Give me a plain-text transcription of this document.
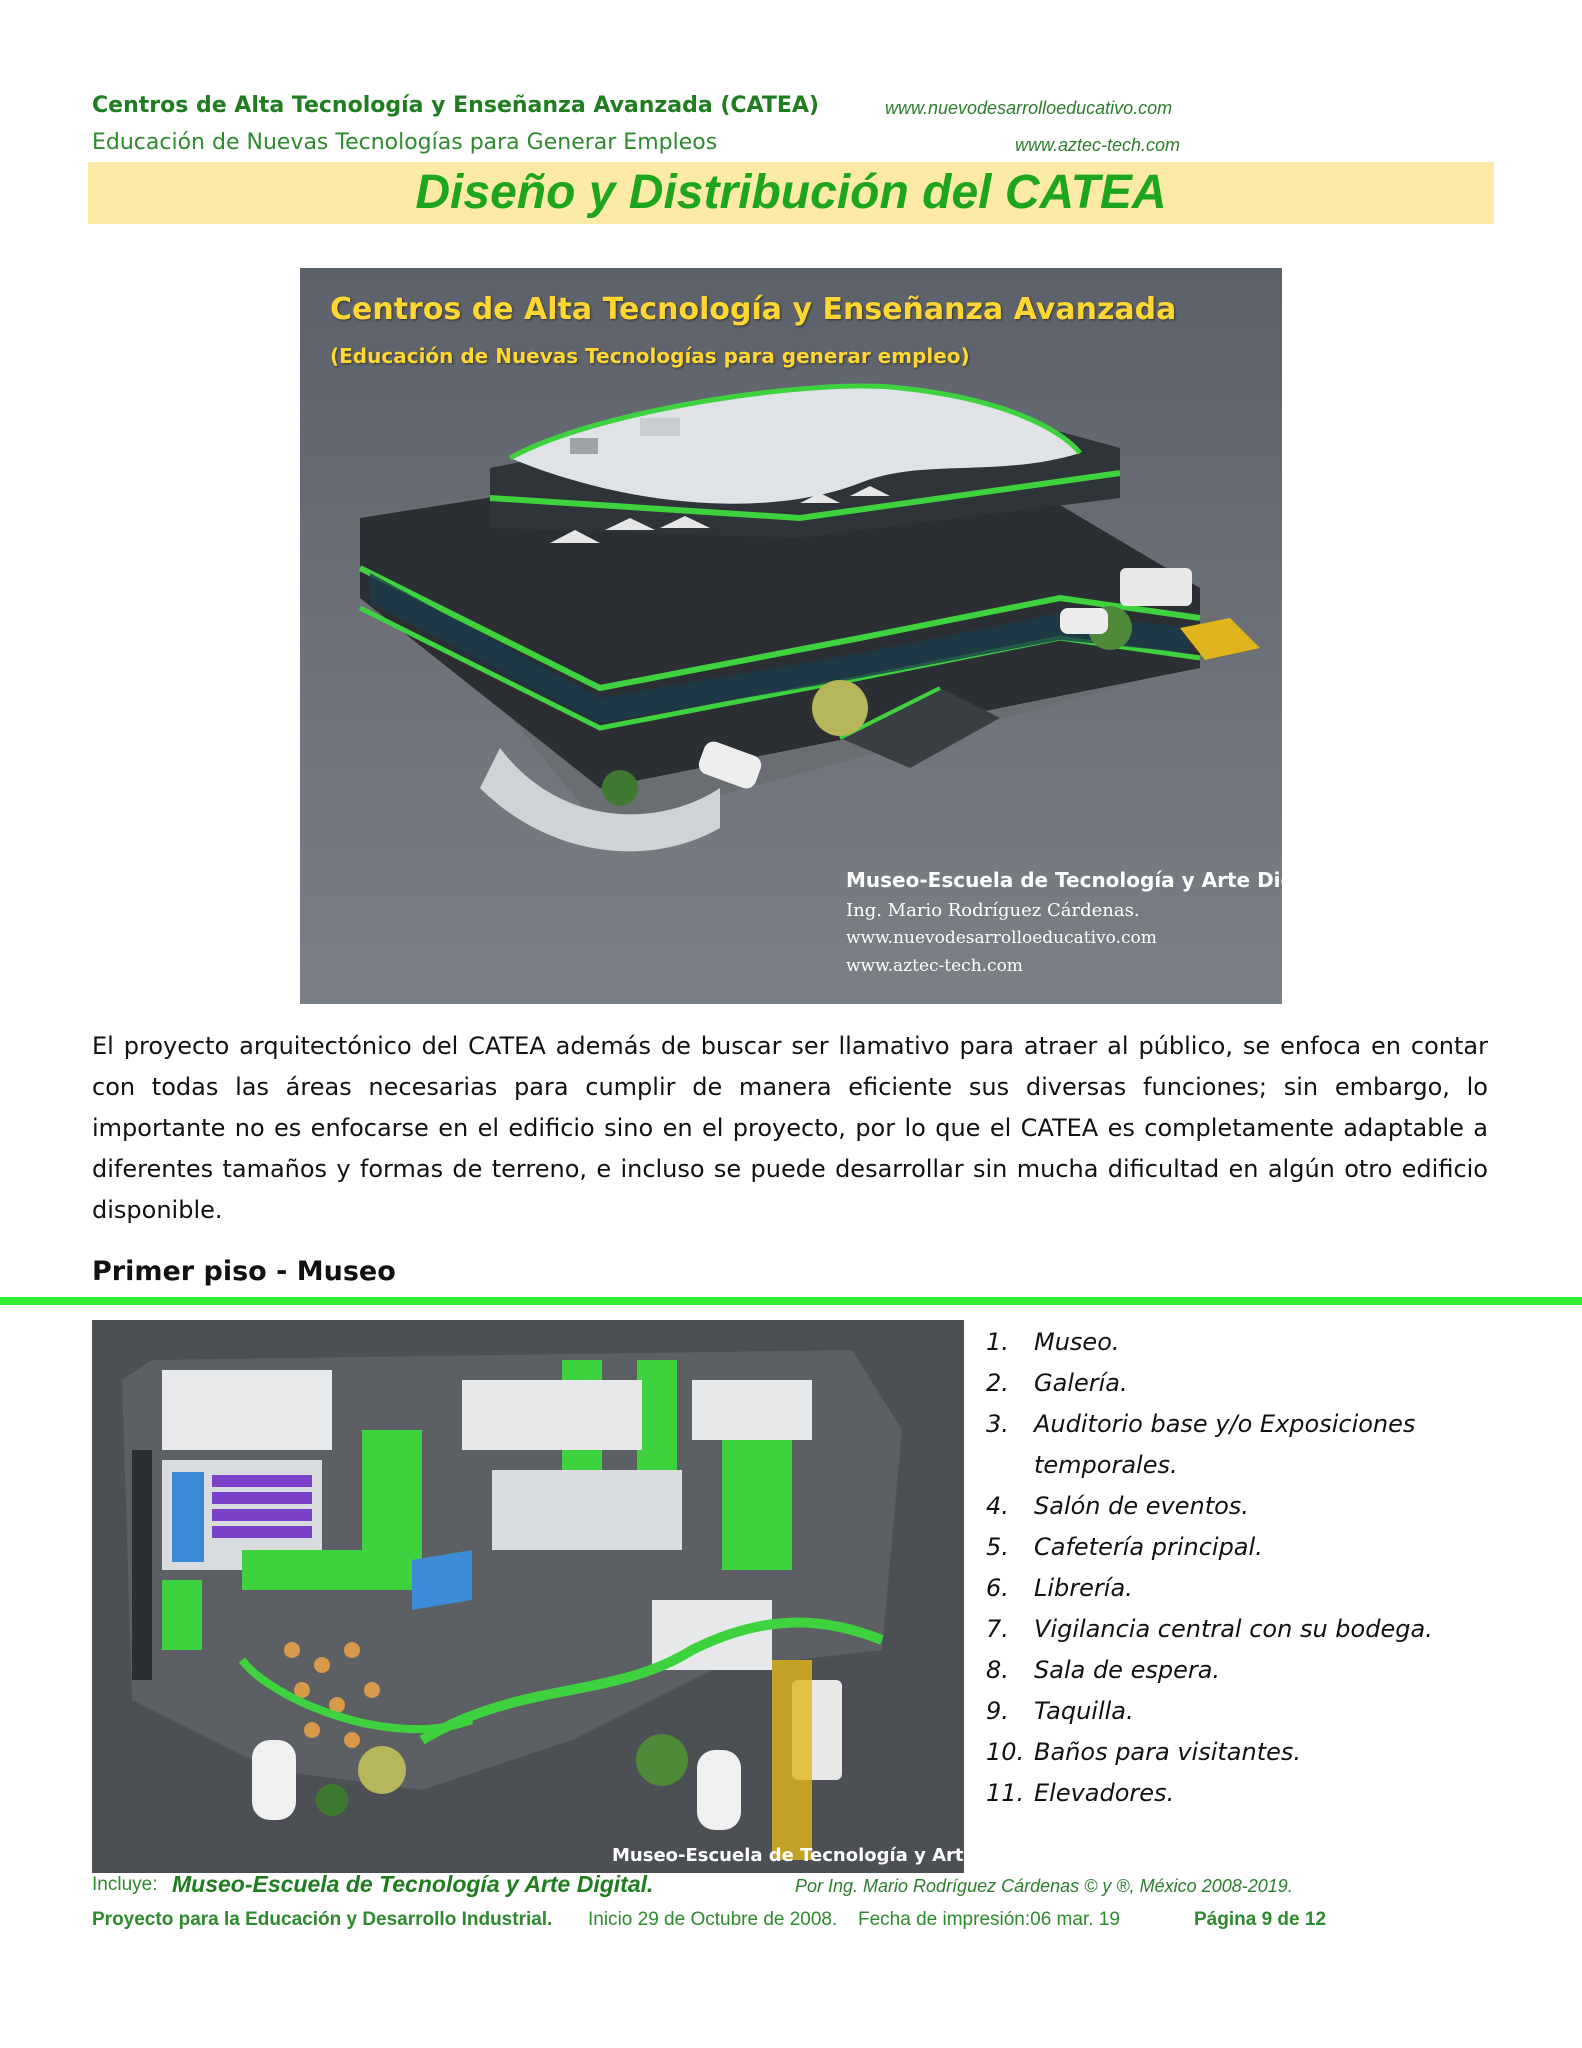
Centros de Alta Tecnología y Enseñanza Avanzada (CATEA)
Educación de Nuevas Tecnologías para Generar Empleos
www.nuevodesarrolloeducativo.com
www.aztec-tech.com
Diseño y Distribución del CATEA
Centros de Alta Tecnología y Enseñanza Avanzada
(Educación de Nuevas Tecnologías para generar empleo)
Museo-Escuela de Tecnología y Arte Digital.
Ing. Mario Rodríguez Cárdenas.
www.nuevodesarrolloeducativo.com
www.aztec-tech.com
El proyecto arquitectónico del CATEA además de buscar ser llamativo para atraer al público, se enfoca en contar con todas las áreas necesarias para cumplir de manera eficiente sus diversas funciones; sin embargo, lo importante no es enfocarse en el edificio sino en el proyecto, por lo que el CATEA es completamente adaptable a diferentes tamaños y formas de terreno, e incluso se puede desarrollar sin mucha dificultad en algún otro edificio disponible.
Primer piso - Museo
Museo-Escuela de Tecnología y Arte Digital.
1. Museo.
2. Galería.
3. Auditorio base y/o Exposiciones temporales.
4. Salón de eventos.
5. Cafetería principal.
6. Librería.
7. Vigilancia central con su bodega.
8. Sala de espera.
9. Taquilla.
10. Baños para visitantes.
11. Elevadores.
Incluye: Museo-Escuela de Tecnología y Arte Digital.	Por Ing. Mario Rodríguez Cárdenas © y ®, México 2008-2019.
Proyecto para la Educación y Desarrollo Industrial. Inicio 29 de Octubre de 2008. Fecha de impresión:06 mar. 19	Página 9 de 12
